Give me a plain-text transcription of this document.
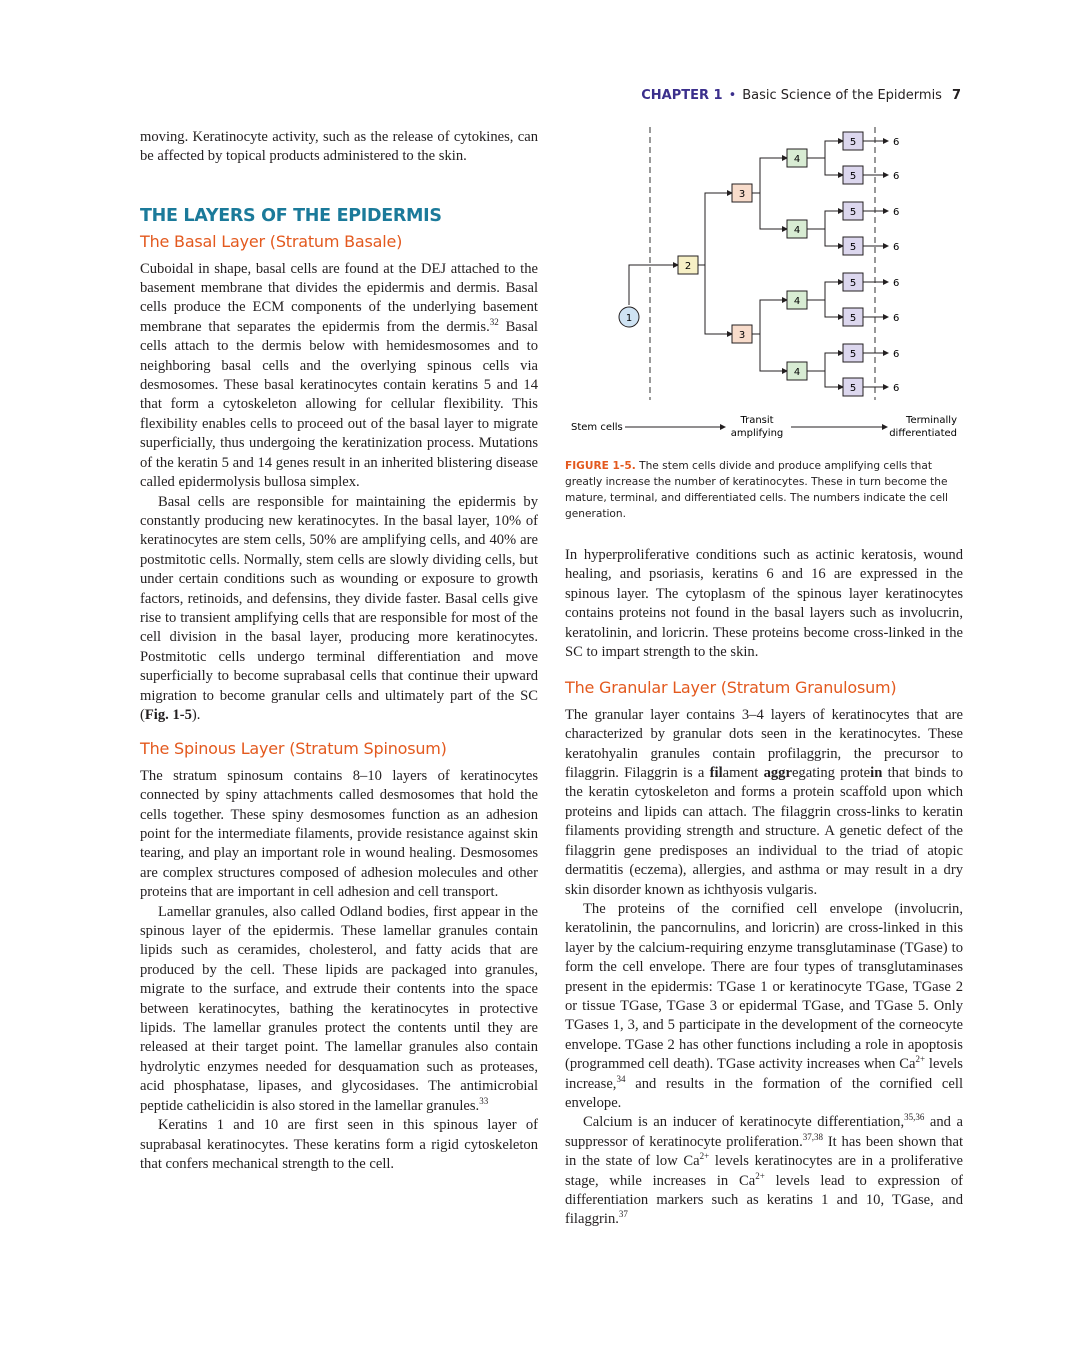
CHAPTER 1 • Basic Science of the Epidermis 7

moving. Keratinocyte activity, such as the release of cytokines, can be affected by topical products administered to the skin.

THE LAYERS OF THE EPIDERMIS
The Basal Layer (Stratum Basale)

Cuboidal in shape, basal cells are found at the DEJ attached to the basement membrane that divides the epidermis and dermis. Basal cells produce the ECM components of the underlying basement membrane that separates the epidermis from the dermis.$^{32}$ Basal cells attach to the dermis below with hemidesmosomes and to neighboring basal cells and the overlying spinous cells via desmosomes. These basal keratinocytes contain keratins 5 and 14 that form a cytoskeleton allowing for cellular flexibility. This flexibility enables cells to proceed out of the basal layer to migrate superficially, thus undergoing the keratinization process. Mutations of the keratin 5 and 14 genes result in an inherited blistering disease called epidermolysis bullosa simplex.

Basal cells are responsible for maintaining the epidermis by constantly producing new keratinocytes. In the basal layer, 10% of keratinocytes are stem cells, 50% are amplifying cells, and 40% are postmitotic cells. Normally, stem cells are slowly dividing cells, but under certain conditions such as wounding or exposure to growth factors, retinoids, and defensins, they divide faster. Basal cells give rise to transient amplifying cells that are responsible for most of the cell division in the basal layer, producing more keratinocytes. Postmitotic cells undergo terminal differentiation and move superficially to become suprabasal cells that continue their upward migration to become granular cells and ultimately part of the SC (Fig. 1-5).

The Spinous Layer (Stratum Spinosum)

The stratum spinosum contains 8–10 layers of keratinocytes connected by spiny attachments called desmosomes that hold the cells together. These spiny desmosomes function as an adhesion point for the intermediate filaments, provide resistance against skin tearing, and play an important role in wound healing. Desmosomes are complex structures composed of adhesion molecules and other proteins that are important in cell adhesion and cell transport.

Lamellar granules, also called Odland bodies, first appear in the spinous layer of the epidermis. These lamellar granules contain lipids such as ceramides, cholesterol, and fatty acids that are produced by the cell. These lipids are packaged into granules, migrate to the surface, and extrude their contents into the space between keratinocytes, bathing the keratinocytes in protective lipids. The lamellar granules protect the contents until they are released at their target point. The lamellar granules also contain hydrolytic enzymes needed for desquamation such as proteases, acid phosphatase, lipases, and glycosidases. The antimicrobial peptide cathelicidin is also stored in the lamellar granules.$^{33}$

Keratins 1 and 10 are first seen in this spinous layer of suprabasal keratinocytes. These keratins form a rigid cytoskeleton that confers mechanical strength to the cell.

1
2
3
3
4
4
4
4
5
5
5
5
5
5
5
5
6
6
6
6
6
6
6
6
Stem cells
Transit
amplifying
Terminally
differentiated
FIGURE 1-5. The stem cells divide and produce amplifying cells that greatly increase the number of keratinocytes. These in turn become the mature, terminal, and differentiated cells. The numbers indicate the cell generation.

In hyperproliferative conditions such as actinic keratosis, wound healing, and psoriasis, keratins 6 and 16 are expressed in the spinous layer. The cytoplasm of the spinous layer keratinocytes contains proteins not found in the basal layers such as involucrin, keratolinin, and loricrin. These proteins become cross-linked in the SC to impart strength to the skin.

The Granular Layer (Stratum Granulosum)

The granular layer contains 3–4 layers of keratinocytes that are characterized by granular dots seen in the keratinocytes. These keratohyalin granules contain profilaggrin, the precursor to filaggrin. Filaggrin is a filament aggregating protein that binds to the keratin cytoskeleton and forms a protein scaffold upon which proteins and lipids can attach. The filaggrin cross-links to keratin filaments providing strength and structure. A genetic defect of the filaggrin gene predisposes an individual to the triad of atopic dermatitis (eczema), allergies, and asthma or may result in a dry skin disorder known as ichthyosis vulgaris.

The proteins of the cornified cell envelope (involucrin, keratolinin, the pancornulins, and loricrin) are cross-linked in this layer by the calcium-requiring enzyme transglutaminase (TGase) to form the cell envelope. There are four types of transglutaminases present in the epidermis: TGase 1 or keratinocyte TGase, TGase 2 or tissue TGase, TGase 3 or epidermal TGase, and TGase 5. Only TGases 1, 3, and 5 participate in the development of the corneocyte envelope. TGase 2 has other functions including a role in apoptosis (programmed cell death). TGase activity increases when $Ca^{2+}$ levels increase,$^{34}$ and results in the formation of the cornified cell envelope.

Calcium is an inducer of keratinocyte differentiation,$^{35,36}$ and a suppressor of keratinocyte proliferation.$^{37,38}$ It has been shown that in the state of low $Ca^{2+}$ levels keratinocytes are in a proliferative stage, while increases in $Ca^{2+}$ levels lead to expression of differentiation markers such as keratins 1 and 10, TGase, and filaggrin.$^{37}$
